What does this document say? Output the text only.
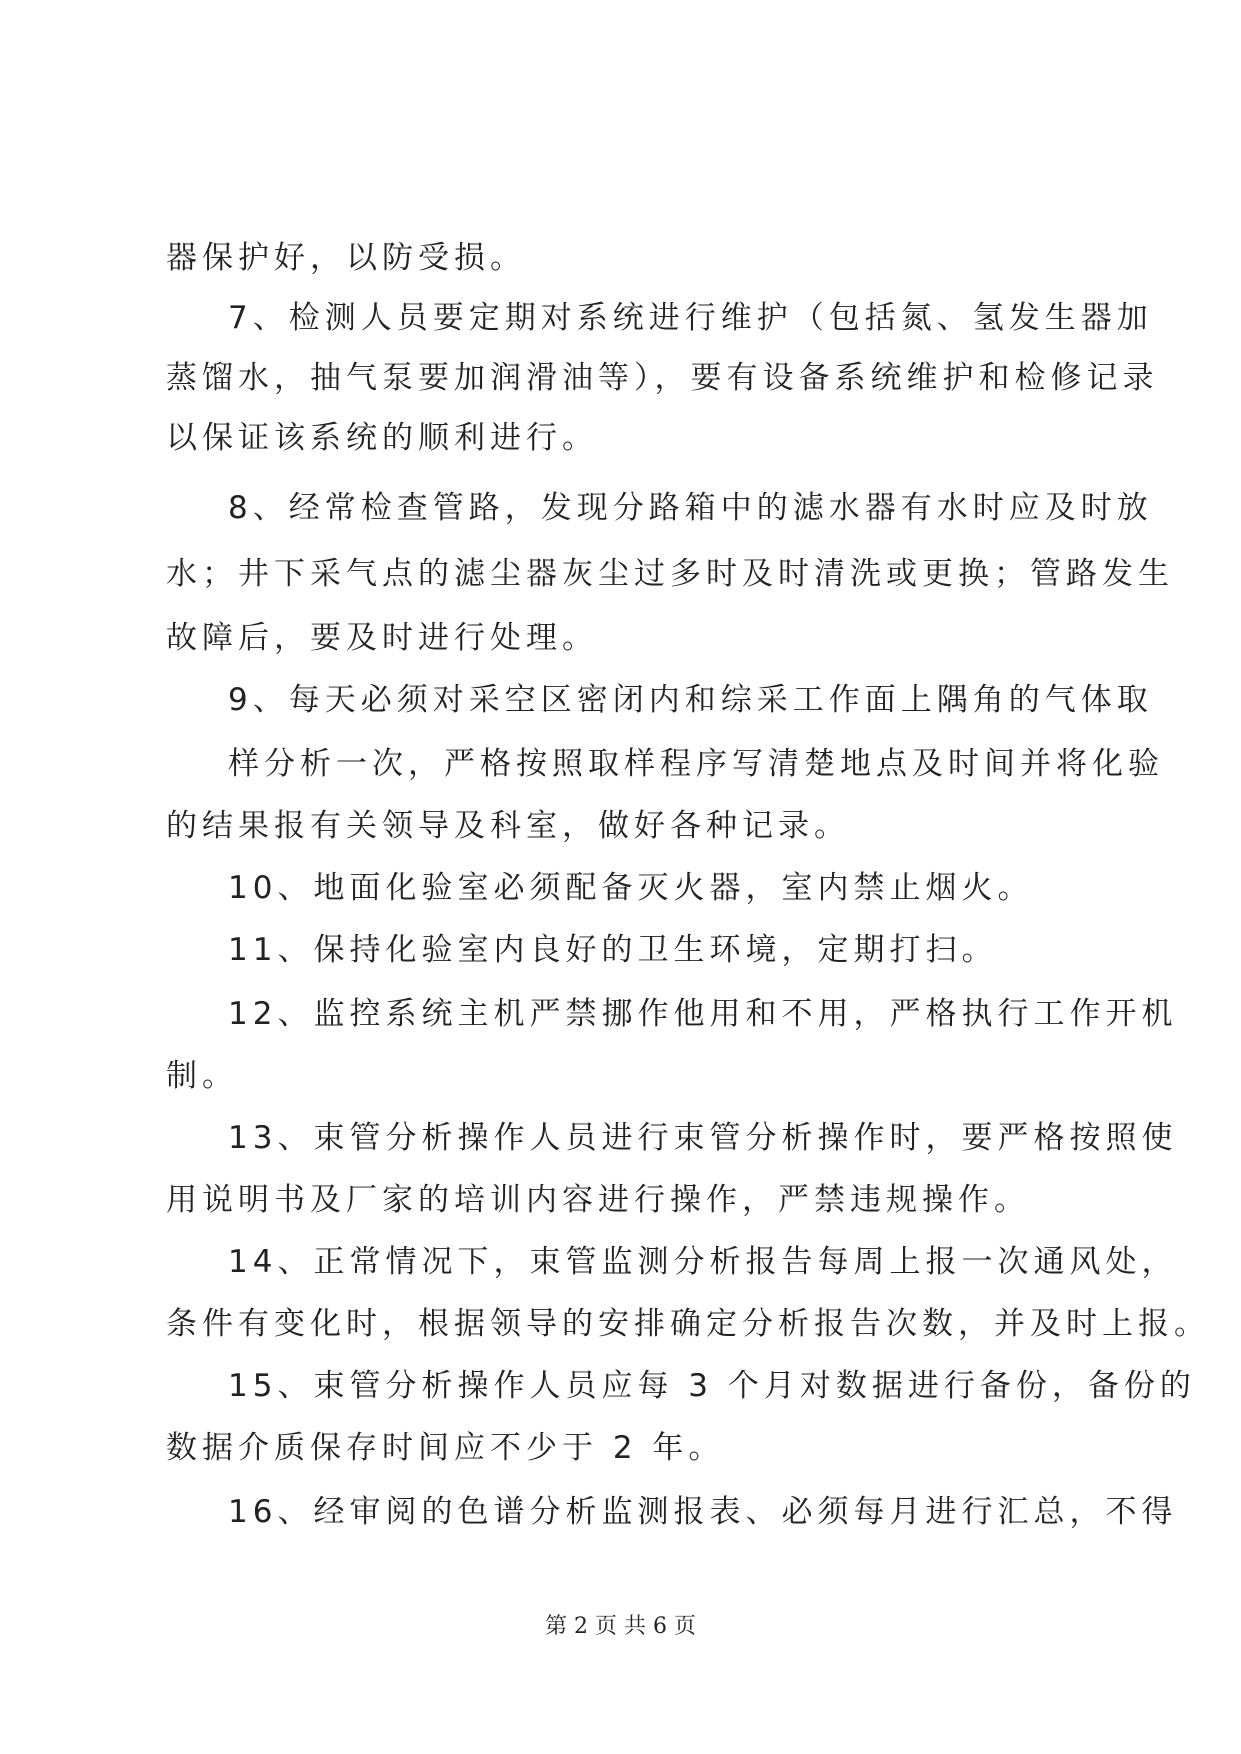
器保护好，以防受损。
7、检测人员要定期对系统进行维护（包括氮、氢发生器加
蒸馏水，抽气泵要加润滑油等），要有设备系统维护和检修记录
以保证该系统的顺利进行。
8、经常检查管路，发现分路箱中的滤水器有水时应及时放
水；井下采气点的滤尘器灰尘过多时及时清洗或更换；管路发生
故障后，要及时进行处理。
9、每天必须对采空区密闭内和综采工作面上隅角的气体取
样分析一次，严格按照取样程序写清楚地点及时间并将化验
的结果报有关领导及科室，做好各种记录。
10、地面化验室必须配备灭火器，室内禁止烟火。
11、保持化验室内良好的卫生环境，定期打扫。
12、监控系统主机严禁挪作他用和不用，严格执行工作开机
制。
13、束管分析操作人员进行束管分析操作时，要严格按照使
用说明书及厂家的培训内容进行操作，严禁违规操作。
14、正常情况下，束管监测分析报告每周上报一次通风处，
条件有变化时，根据领导的安排确定分析报告次数，并及时上报。
15、束管分析操作人员应每 3 个月对数据进行备份，备份的
数据介质保存时间应不少于 2 年。
16、经审阅的色谱分析监测报表、必须每月进行汇总，不得
第 2 页 共 6 页
